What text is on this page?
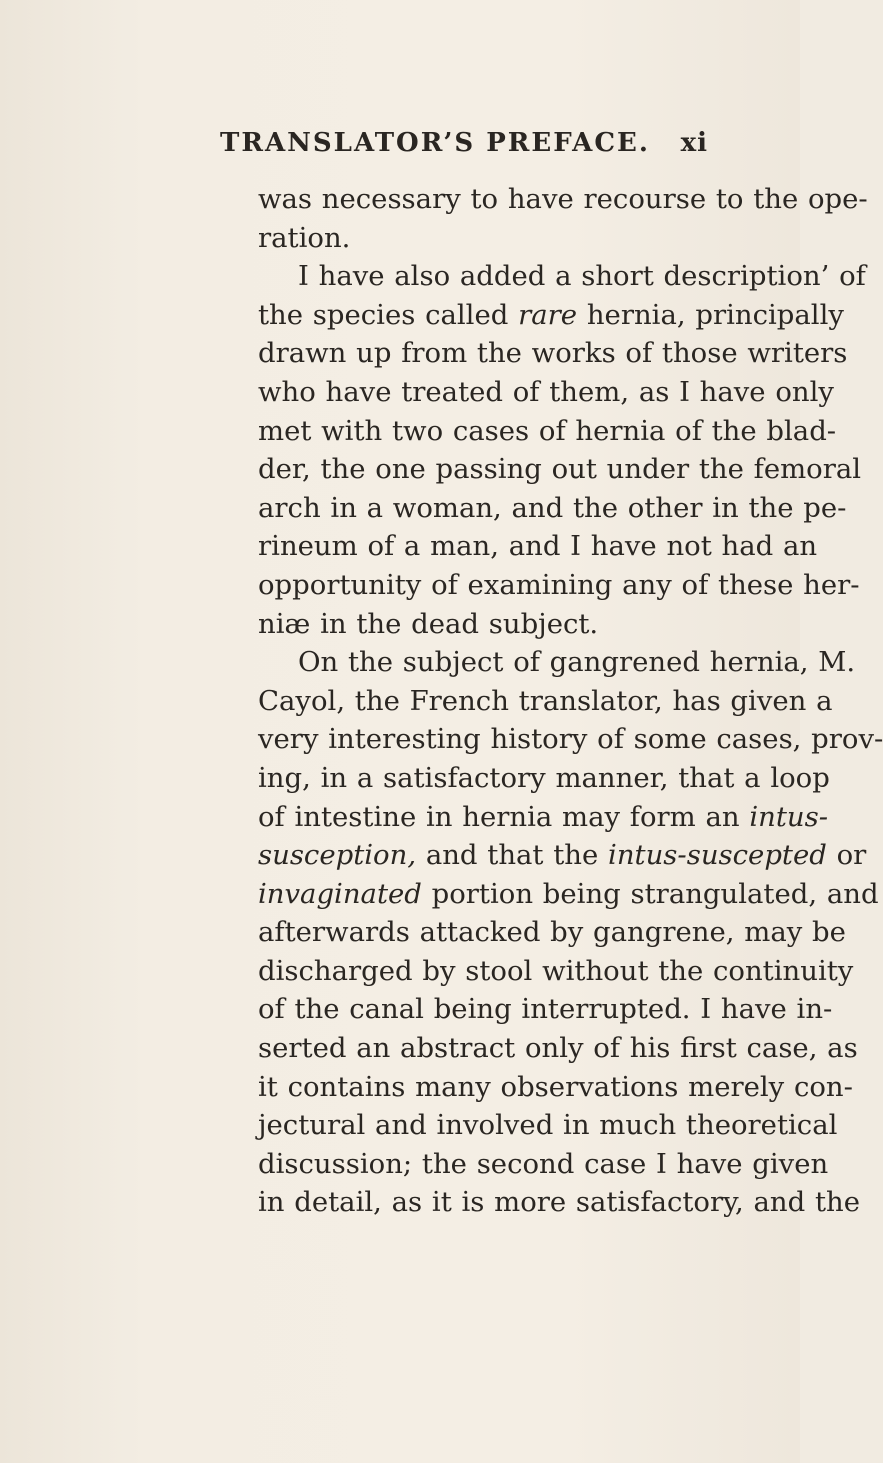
TRANSLATOR’S PREFACE. xi
was necessary to have recourse to the ope-
ration.
I have also added a short description’ of
the species called rare hernia, principally
drawn up from the works of those writers
who have treated of them, as I have only
met with two cases of hernia of the blad-
der, the one passing out under the femoral
arch in a woman, and the other in the pe-
rineum of a man, and I have not had an
opportunity of examining any of these her-
niæ in the dead subject.
On the subject of gangrened hernia, M.
Cayol, the French translator, has given a
very interesting history of some cases, prov-
ing, in a satisfactory manner, that a loop
of intestine in hernia may form an intus-
susception, and that the intus-suscepted or
invaginated portion being strangulated, and
afterwards attacked by gangrene, may be
discharged by stool without the continuity
of the canal being interrupted. I have in-
serted an abstract only of his first case, as
it contains many observations merely con-
jectural and involved in much theoretical
discussion; the second case I have given
in detail, as it is more satisfactory, and the
